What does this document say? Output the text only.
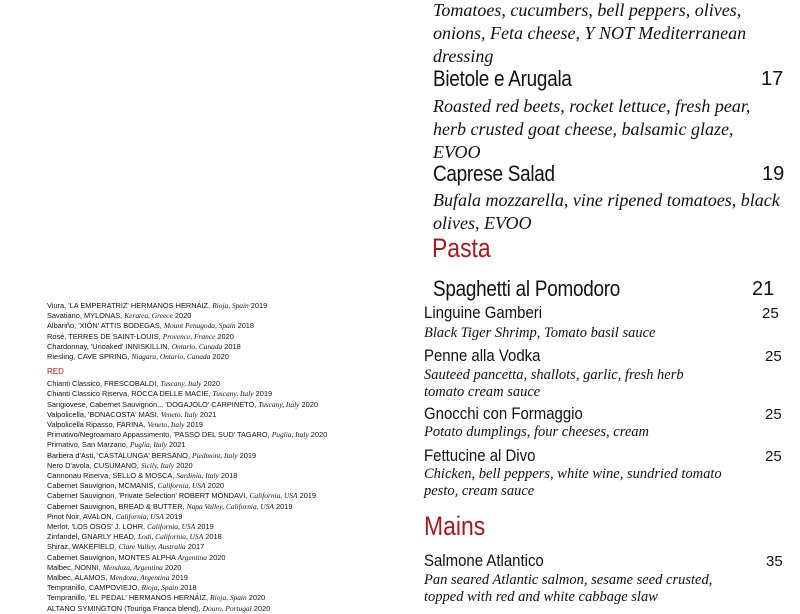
Tomatoes, cucumbers, bell peppers, olives, onions, Feta cheese, Y NOT Mediterranean dressing
Bietole e Arugala	17
Roasted red beets, rocket lettuce, fresh pear, herb crusted goat cheese, balsamic glaze, EVOO
Caprese Salad	19
Bufala mozzarella, vine ripened tomatoes, black olives, EVOO
Pasta
Spaghetti al Pomodoro	21
Linguine Gamberi	25
Black Tiger Shrimp, Tomato basil sauce
Penne alla Vodka	25
Sauteed pancetta, shallots, garlic, fresh herb tomato cream sauce
Gnocchi con Formaggio	25
Potato dumplings, four cheeses, cream
Fettucine al Divo	25
Chicken, bell peppers, white wine, sundried tomato pesto, cream sauce
Mains
Salmone Atlantico	35
Pan seared Atlantic salmon, sesame seed crusted, topped with red and white cabbage slaw
Viura, 'LA EMPERATRIZ' HERMANOS HERNÁIZ, Rioja, Spain 2019
Savatiano, MYLONAS, Keratea, Greece 2020
Albariño, 'XIÓN' ATTIS BODEGAS, Mount Penagoda, Spain 2018
Rosé, TERRES DE SAINT-LOUIS, Provence, France 2020
Chardonnay, 'Unoaked' INNISKILLIN, Ontario, Canada 2018
Riesling, CAVE SPRING, Niagara, Ontario, Canada 2020
RED
Chianti Classico, FRESCOBALDI, Tuscany, Italy 2020
Chianti Classico Riserva, ROCCA DELLE MACIE, Tuscany, Italy 2019
Sangiovese, Cabernet Sauvignon... 'DOGAJOLO' CARPINETO, Tuscany, Italy 2020
Valpolicella, 'BONACOSTA' MASI, Veneto, Italy 2021
Valpolicella Ripasso, FARINA, Veneto, Italy 2019
Primativo/Negroamaro Appassimento, 'PASSO DEL SUD' TAGARO, Puglia, Italy 2020
Primativo, San Marzano, Puglia, Italy 2021
Barbera d'Asti, 'CASTALUNGA' BERSANO, Piedmont, Italy 2019
Nero D'avola, CUSUMANO, Sicily, Italy 2020
Cannonau Riserva, SELLO & MOSCA, Sardinia, Italy 2018
Cabernet Sauvignon, MCMANIS, California, USA 2020
Cabernet Sauvignon, 'Private Selection' ROBERT MONDAVI, California, USA 2019
Cabernet Sauvignon, BREAD & BUTTER, Napa Valley, California, USA 2019
Pinot Noir, AVALON, California, USA 2019
Merlot, 'LOS OSOS' J. LOHR, California, USA 2019
Zinfandel, GNARLY HEAD, Lodi, California, USA 2018
Shiraz, WAKEFIELD, Clare Valley, Australia 2017
Cabernet Sauvignon, MONTES ALPHA Argentina 2020
Malbec, NONNI, Mendoza, Argentina 2020
Malbec, ALAMOS, Mendoza, Argentina 2019
Tempranillo, CAMPOVIEJO, Rioja, Spain 2018
Tempranillo, 'EL PEDAL' HERMANOS HERNÁIZ, Rioja, Spain 2020
ALTANO SYMINGTON (Touriga Franca blend), Douro, Portugal 2020
